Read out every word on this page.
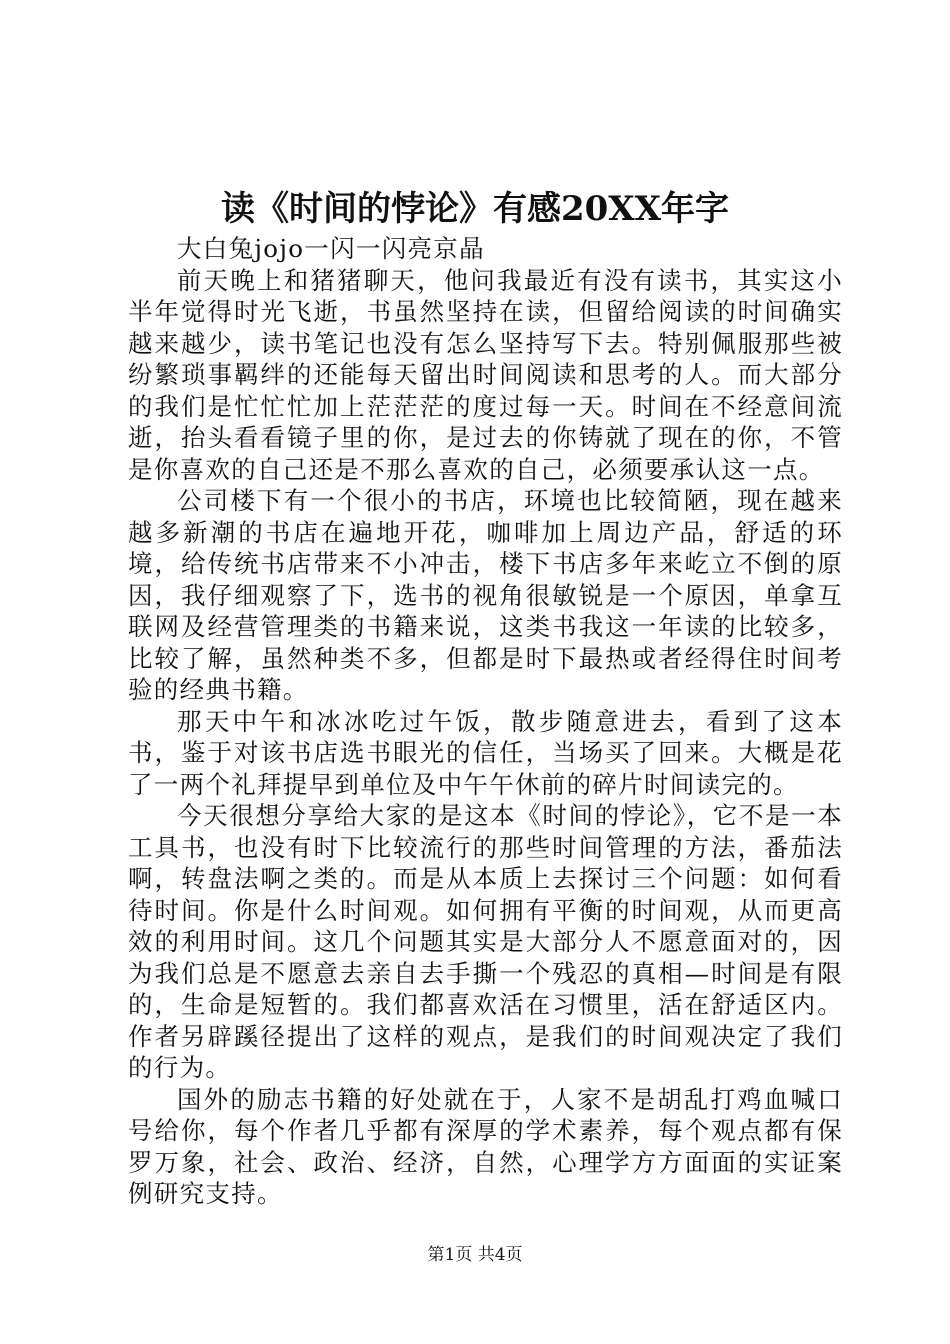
读《时间的悖论》有感20XX年字

大白兔jojo一闪一闪亮京晶

前天晚上和猪猪聊天，他问我最近有没有读书，其实这小半年觉得时光飞逝，书虽然坚持在读，但留给阅读的时间确实越来越少，读书笔记也没有怎么坚持写下去。特别佩服那些被纷繁琐事羁绊的还能每天留出时间阅读和思考的人。而大部分的我们是忙忙忙加上茫茫茫的度过每一天。时间在不经意间流逝，抬头看看镜子里的你，是过去的你铸就了现在的你，不管是你喜欢的自己还是不那么喜欢的自己，必须要承认这一点。

公司楼下有一个很小的书店，环境也比较简陋，现在越来越多新潮的书店在遍地开花，咖啡加上周边产品，舒适的环境，给传统书店带来不小冲击，楼下书店多年来屹立不倒的原因，我仔细观察了下，选书的视角很敏锐是一个原因，单拿互联网及经营管理类的书籍来说，这类书我这一年读的比较多，比较了解，虽然种类不多，但都是时下最热或者经得住时间考验的经典书籍。

那天中午和冰冰吃过午饭，散步随意进去，看到了这本书，鉴于对该书店选书眼光的信任，当场买了回来。大概是花了一两个礼拜提早到单位及中午午休前的碎片时间读完的。

今天很想分享给大家的是这本《时间的悖论》，它不是一本工具书，也没有时下比较流行的那些时间管理的方法，番茄法啊，转盘法啊之类的。而是从本质上去探讨三个问题：如何看待时间。你是什么时间观。如何拥有平衡的时间观，从而更高效的利用时间。这几个问题其实是大部分人不愿意面对的，因为我们总是不愿意去亲自去手撕一个残忍的真相—时间是有限的，生命是短暂的。我们都喜欢活在习惯里，活在舒适区内。作者另辟蹊径提出了这样的观点，是我们的时间观决定了我们的行为。

国外的励志书籍的好处就在于，人家不是胡乱打鸡血喊口号给你，每个作者几乎都有深厚的学术素养，每个观点都有保罗万象，社会、政治、经济，自然，心理学方方面面的实证案例研究支持。

第1页 共4页
